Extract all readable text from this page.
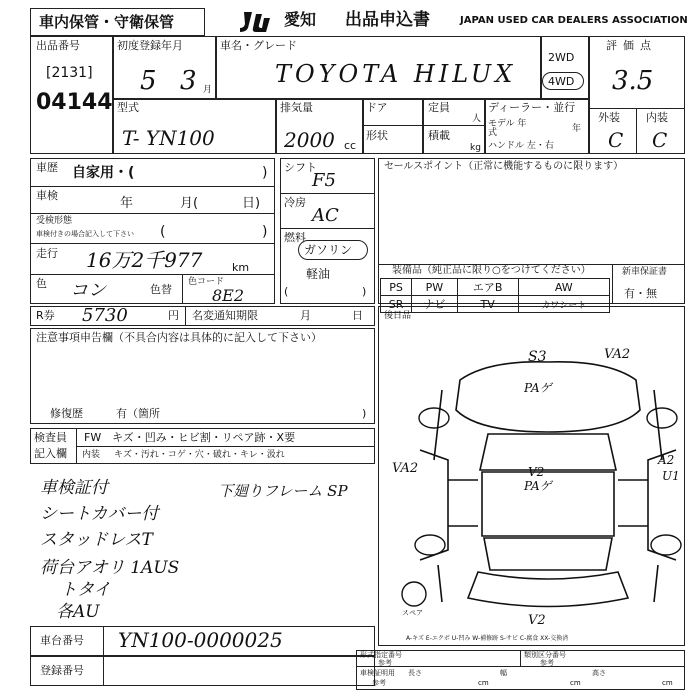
車内保管・守衛保管	愛知 出品申込書	JAPAN USED CAR DEALERS ASSOCIATION
出品番号
[2131]
04144
初度登録年月
5 3 月
車名・グレード
TOYOTA HILUX
2WD
4WD
評価点
3.5
外装 内装
C C
型式
T- YN100
排気量
2000 cc
ドア
形状
定員
人
積載
kg
ディーラー・並行
モデル 年式	年
ハンドル 左・右
車歴 自家用・(	)
車検
年	月(	日)
受検形態
車検付きの場合記入して下さい (	)
走行 16万2千977	km
色 コン	色替
色コード
8E2
シフト
F5
冷房
AC
燃料
ガソリン
軽油
(	)
セールスポイント（正常に機能するものに限ります）
装備品（純正品に限り○をつけてください）
PS	PW	エアB	AW
SR	ナビ	TV	カワシート
新車保証書
有・無
R券 5730	円 名変通知期限	月	日
注意事項申告欄（不具合内容は具体的に記入して下さい）
修復歴	有（箇所	)
後日品
S3	VA2
PAゲ
VA2
A2
U1
V2
PAゲ
V2
スペア
A-キズ E-エクボ U-凹み W-補修跡 S-サビ C-腐食 XX-交換済
検査員
記入欄
FW キズ・凹み・ヒビ割・リペア跡・X要
内装 キズ・汚れ・コゲ・穴・破れ・キレ・汲れ
車検証付
シートカバー付
スタッドレスT
荷台アオリ 1AUS
トタイ
各AU
下廻りフレーム SP
車台番号 YN100-0000025
登録番号
形式指定番号
参考
類別区分番号
参考
車検証明用
参考
長さ
cm
幅
cm
高さ
cm
